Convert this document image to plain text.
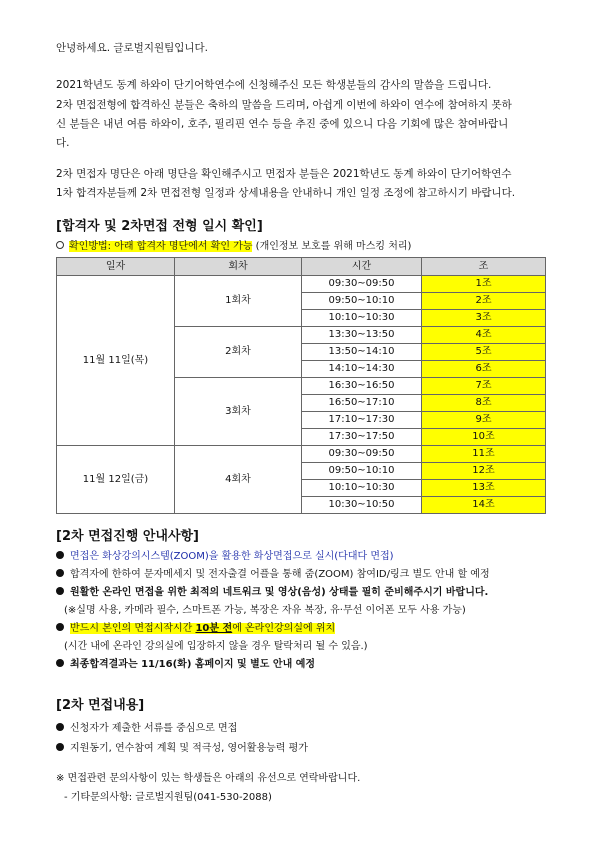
안녕하세요. 글로벌지원팀입니다.
2021학년도 동계 하와이 단기어학연수에 신청해주신 모든 학생분들의 감사의 말씀을 드립니다.
2차 면접전형에 합격하신 분들은 축하의 말씀을 드리며, 아쉽게 이번에 하와이 연수에 참여하지 못하
신 분들은 내년 여름 하와이, 호주, 필리핀 연수 등을 추진 중에 있으니 다음 기회에 많은 참여바랍니
다.
2차 면접자 명단은 아래 명단을 확인해주시고 면접자 분들은 2021학년도 동계 하와이 단기어학연수
1차 합격자분들께 2차 면접전형 일정과 상세내용을 안내하니 개인 일정 조정에 참고하시기 바랍니다.
[합격자 및 2차면접 전형 일시 확인]
확인방법: 아래 합격자 명단에서 확인 가능 (개인정보 보호를 위해 마스킹 처리)
일자	회차	시간	조
11월 11일(목)	1회차	09:30~09:50	1조
		09:50~10:10	2조
		10:10~10:30	3조
	2회차	13:30~13:50	4조
		13:50~14:10	5조
		14:10~14:30	6조
	3회차	16:30~16:50	7조
		16:50~17:10	8조
		17:10~17:30	9조
		17:30~17:50	10조
11월 12일(금)	4회차	09:30~09:50	11조
		09:50~10:10	12조
		10:10~10:30	13조
		10:30~10:50	14조
[2차 면접진행 안내사항]
면접은 화상강의시스템(ZOOM)을 활용한 화상면접으로 실시(다대다 면접)
합격자에 한하여 문자메세지 및 전자출결 어플을 통해 줌(ZOOM) 참여ID/링크 별도 안내 할 예정
원활한 온라인 면접을 위한 최적의 네트워크 및 영상(음성) 상태를 필히 준비해주시기 바랍니다.
(※실명 사용, 카메라 필수, 스마트폰 가능, 복장은 자유 복장, 유·무선 이어폰 모두 사용 가능)
반드시 본인의 면접시작시간 10분 전에 온라인강의실에 위치
(시간 내에 온라인 강의실에 입장하지 않을 경우 탈락처리 될 수 있음.)
최종합격결과는 11/16(화) 홈페이지 및 별도 안내 예정
[2차 면접내용]
신청자가 제출한 서류를 중심으로 면접
지원동기, 연수참여 계획 및 적극성, 영어활용능력 평가
※ 면접관련 문의사항이 있는 학생들은 아래의 유선으로 연락바랍니다.
- 기타문의사항: 글로벌지원팀(041-530-2088)
